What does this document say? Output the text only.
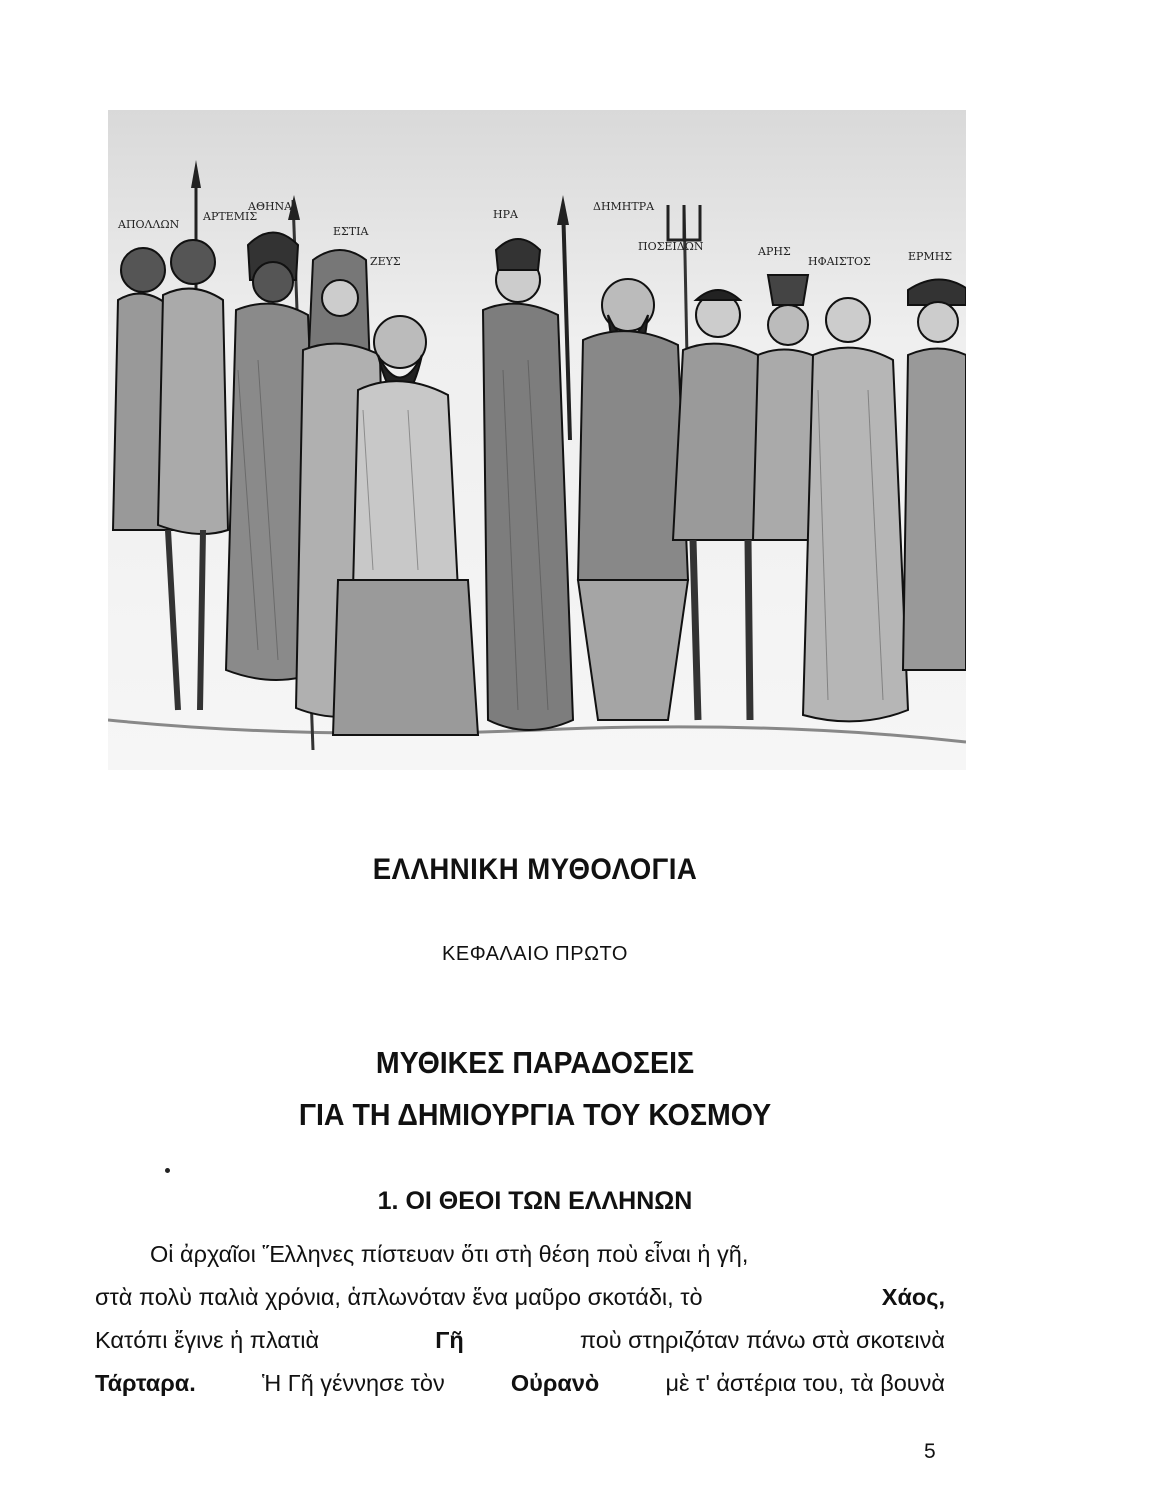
ΑΠΟΛΛΩΝ
ΑΡΤΕΜΙΣ
ΑΘΗΝΑ
ΕΣΤΙΑ
ΖΕΥΣ
ΗΡΑ
ΔΗΜΗΤΡΑ
ΠΟΣΕΙΔΩΝ	ΑΡΗΣ
ΗΦΑΙΣΤΟΣ	ΕΡΜΗΣ
ΕΛΛΗΝΙΚΗ ΜΥΘΟΛΟΓΙΑ
ΚΕΦΑΛΑΙΟ ΠΡΩΤΟ
ΜΥΘΙΚΕΣ ΠΑΡΑΔΟΣΕΙΣ
ΓΙΑ ΤΗ ΔΗΜΙΟΥΡΓΙΑ ΤΟΥ ΚΟΣΜΟΥ
1. ΟΙ ΘΕΟΙ ΤΩΝ ΕΛΛΗΝΩΝ
Οἱ ἀρχαῖοι Ἕλληνες πίστευαν ὅτι στὴ θέση ποὺ εἶναι ἡ γῆ,
στὰ πολὺ παλιὰ χρόνια, ἁπλωνόταν ἕνα μαῦρο σκοτάδι, τὸ	Χάος,
Κατόπι ἔγινε ἡ πλατιὰ	Γῆ	ποὺ στηριζόταν πάνω στὰ σκοτεινὰ
Τάρταρα.	Ἡ Γῆ γέννησε τὸν	Οὐρανὸ	μὲ τ' ἀστέρια του, τὰ βουνὰ
5
